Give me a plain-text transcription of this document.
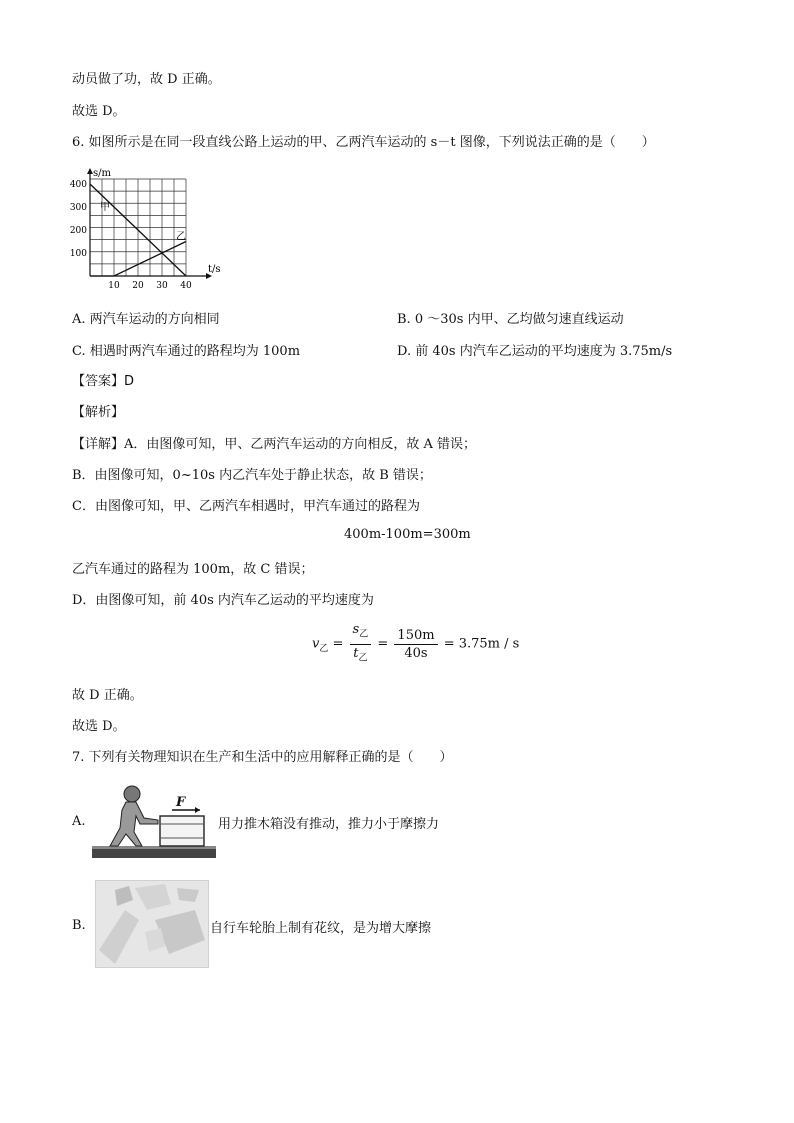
动员做了功，故 D 正确。
故选 D。
6. 如图所示是在同一段直线公路上运动的甲、乙两汽车运动的 s－t 图像，下列说法正确的是（　　）
t/s
s/m
10 20 30 40
100
200
300
400
甲
乙
A. 两汽车运动的方向相同	B. 0 ～30s 内甲、乙均做匀速直线运动
C. 相遇时两汽车通过的路程均为 100m	D. 前 40s 内汽车乙运动的平均速度为 3.75m/s
【答案】D
【解析】
【详解】A．由图像可知，甲、乙两汽车运动的方向相反，故 A 错误；
B．由图像可知，0~10s 内乙汽车处于静止状态，故 B 错误；
C．由图像可知，甲、乙两汽车相遇时，甲汽车通过的路程为
400m-100m=300m
乙汽车通过的路程为 100m，故 C 错误；
D．由图像可知，前 40s 内汽车乙运动的平均速度为
$v_乙 = \frac{s_乙}{t_乙} = \frac{150m}{40s} = 3.75m / s$
故 D 正确。
故选 D。
7. 下列有关物理知识在生产和生活中的应用解释正确的是（　　）
A.
F
用力推木箱没有推动，推力小于摩擦力
B.	自行车轮胎上制有花纹，是为增大摩擦
